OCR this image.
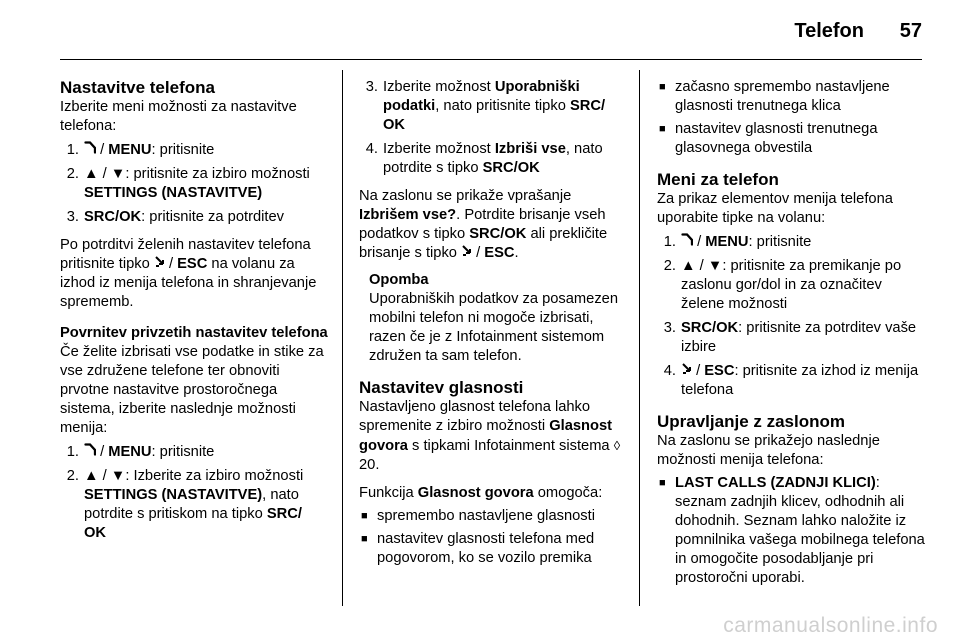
Telefon 57
Nastavitve telefona

Izberite meni možnosti za nastavitve telefona:

1.	/ MENU: pritisnite
2. ▲ / ▼: pritisnite za izbiro možnosti SETTINGS (NASTAVITVE)
3. SRC/OK: pritisnite za potrditev

Po potrditvi želenih nastavitev telefona pritisnite tipko  / ESC na volanu za izhod iz menija telefona in shranjevanje sprememb.

Povrnitev privzetih nastavitev telefona

Če želite izbrisati vse podatke in stike za vse združene telefone ter obnoviti prvotne nastavitve prostoročnega sistema, izberite naslednje možnosti menija:

1.	/ MENU: pritisnite
2. ▲ / ▼: Izberite za izbiro možnosti SETTINGS (NASTAVITVE), nato potrdite s pritiskom na tipko SRC/ OK
3. Izberite možnost Uporabniški podatki, nato pritisnite tipko SRC/ OK
4. Izberite možnost Izbriši vse, nato potrdite s tipko SRC/OK

Na zaslonu se prikaže vprašanje Izbrišem vse?. Potrdite brisanje vseh podatkov s tipko SRC/OK ali prekličite brisanje s tipko  / ESC.

Opomba

Uporabniških podatkov za posamezen mobilni telefon ni mogoče izbrisati, razen če je z Infotainment sistemom združen ta sam telefon.

Nastavitev glasnosti

Nastavljeno glasnost telefona lahko spremenite z izbiro možnosti Glasnost govora s tipkami Infotainment sistema ◊ 20.

Funkcija Glasnost govora omogoča:

■ spremembo nastavljene glasnosti
■ nastavitev glasnosti telefona med pogovorom, ko se vozilo premika
■ začasno spremembo nastavljene glasnosti trenutnega klica
■ nastavitev glasnosti trenutnega glasovnega obvestila
Meni za telefon

Za prikaz elementov menija telefona uporabite tipke na volanu:

1.	/ MENU: pritisnite
2. ▲ / ▼: pritisnite za premikanje po zaslonu gor/dol in za označitev želene možnosti
3. SRC/OK: pritisnite za potrditev vaše izbire
4.	/ ESC: pritisnite za izhod iz menija telefona
Upravljanje z zaslonom

Na zaslonu se prikažejo naslednje možnosti menija telefona:

■ LAST CALLS (ZADNJI KLICI): seznam zadnjih klicev, odhodnih ali dohodnih. Seznam lahko naložite iz pomnilnika vašega mobilnega telefona in omogočite posodabljanje pri prostoročni uporabi.
carmanualsonline.info
